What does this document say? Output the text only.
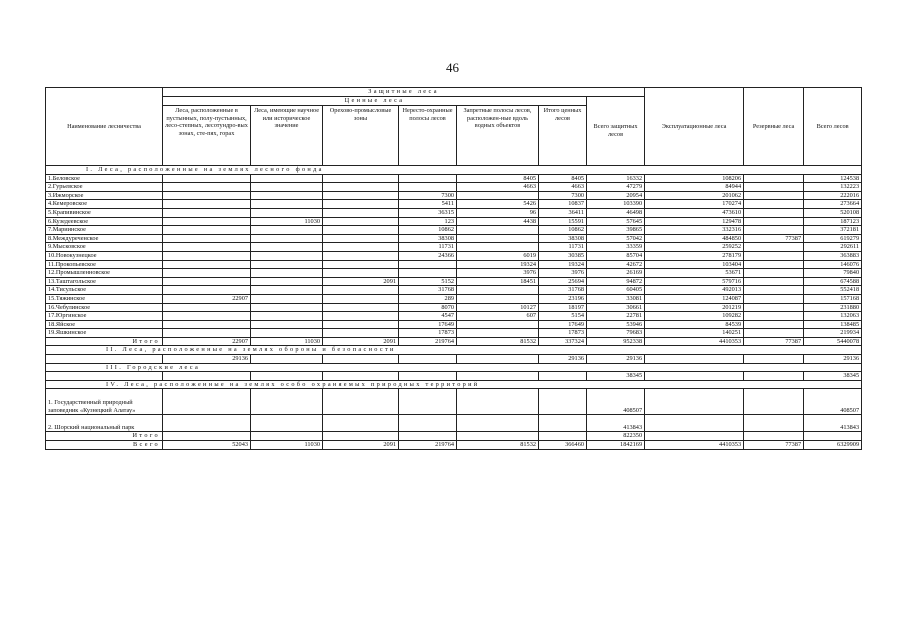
46
Наименование лесничества	Защитные леса							Эксплуатационные леса	Резервные леса	Всего лесов
	Ценные леса						Всего защитных лесов			
	Леса, расположенные в пустынных, полу-пустынных, лесо-степных, лесотундро-вых зонах, сте-пях, горах	Леса, имеющие научное или историческое значение	Орехово-промысловые зоны	Нересто-охранные полосы лесов	Запретные полосы лесов, расположен-ные вдоль водных объектов	Итого ценных лесов				
I. Леса, расположенные на землях лесного фонда										
1.Беловское					8405	8405	16332	108206		124538
2.Гурьевское					4663	4663	47279	84944		132223
3.Ижморское				7300		7300	20954	201062		222016
4.Кемеровское				5411	5426	10837	103390	170274		273664
5.Крапивинское				36315	96	36411	46498	473610		520108
6.Кузедеевское		11030		123	4438	15591	57645	129478		187123
7.Мариинское				10862		10862	39865	332316		372181
8.Междуреченское				38308		38308	57042	484850	77387	619279
9.Мысковское				11731		11731	33359	259252		292611
10.Новокузнецкое				24366	6019	30385	85704	278179		363883
11.Прокопьевское					19324	19324	42672	103404		146076
12.Промышленновское					3976	3976	26169	53671		79840
13.Таштагольское			2091	5152	18451	25694	94872	579716		674588
14.Тисульское				31768		31768	60405	492013		552418
15.Тяжинское	22907			289		23196	33081	124087		157168
16.Чебулинское				8070	10127	18197	30661	201219		231880
17.Юргинское				4547	607	5154	22781	109282		132063
18.Яйское				17649		17649	53946	84539		138485
19.Яшкинское				17873		17873	79683	140251		219934
Итого	22907	11030	2091	219764	81532	337324	952338	4410353	77387	5440078
II. Леса, расположенные на землях обороны и безопасности										
	29136					29136	29136			29136
III. Городские леса										
							38345			38345
IV. Леса, расположенные на землях особо охраняемых природных территорий										
1. Государственный природный заповедник «Кузнецкий Алатау»							408507			408507
2. Шорский национальный парк							413843			413843
Итого							822350			
Всего	52043	11030	2091	219764	81532	366460	1842169	4410353	77387	6329909
